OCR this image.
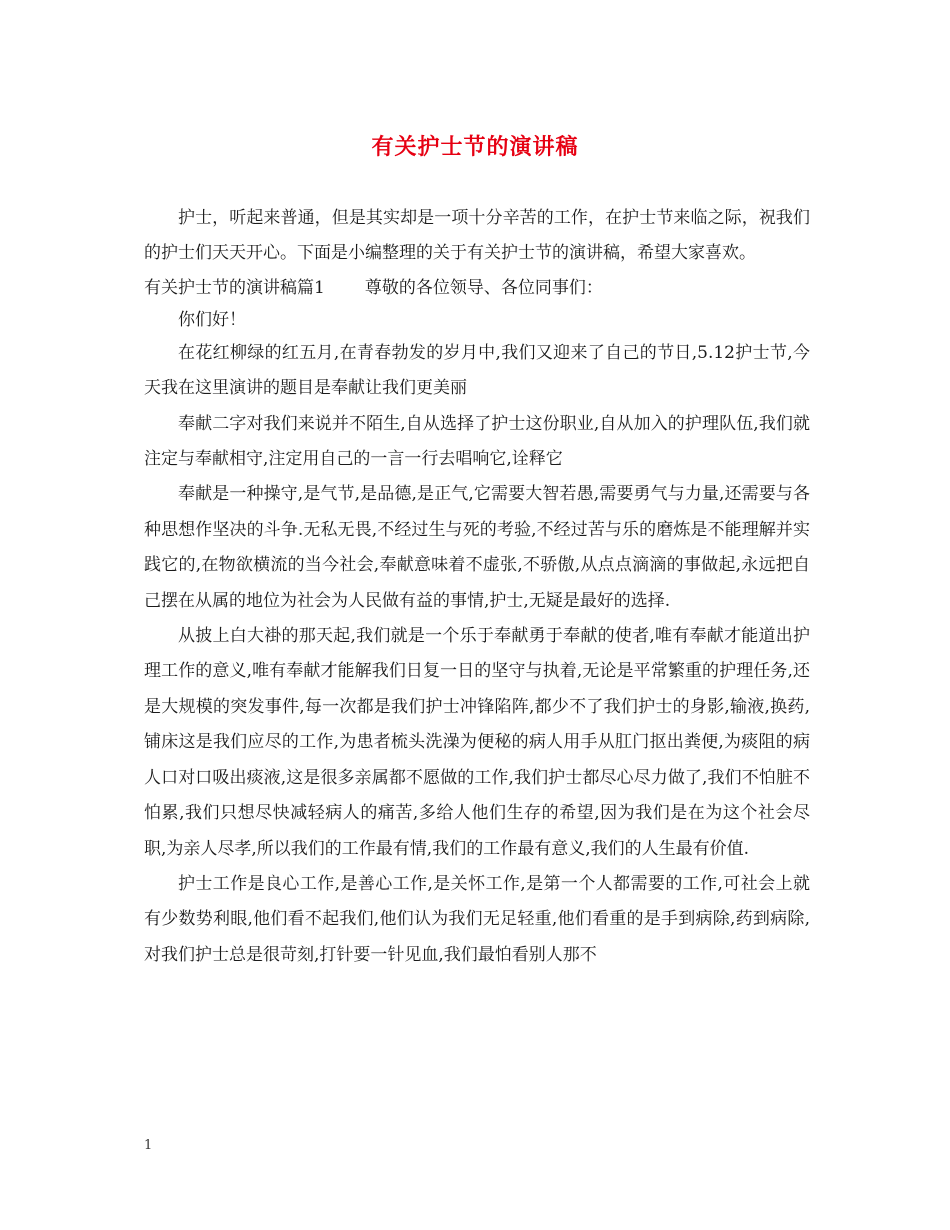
有关护士节的演讲稿

护士，听起来普通，但是其实却是一项十分辛苦的工作，在护士节来临之际，祝我们的护士们天天开心。下面是小编整理的关于有关护士节的演讲稿，希望大家喜欢。

有关护士节的演讲稿篇1 尊敬的各位领导、各位同事们：

你们好！

在花红柳绿的红五月,在青春勃发的岁月中,我们又迎来了自己的节日,5.12护士节,今天我在这里演讲的题目是奉献让我们更美丽

奉献二字对我们来说并不陌生,自从选择了护士这份职业,自从加入的护理队伍,我们就注定与奉献相守,注定用自己的一言一行去唱响它,诠释它

奉献是一种操守,是气节,是品德,是正气,它需要大智若愚,需要勇气与力量,还需要与各种思想作坚决的斗争.无私无畏,不经过生与死的考验,不经过苦与乐的磨炼是不能理解并实践它的,在物欲横流的当今社会,奉献意味着不虚张,不骄傲,从点点滴滴的事做起,永远把自己摆在从属的地位为社会为人民做有益的事情,护士,无疑是最好的选择.

从披上白大褂的那天起,我们就是一个乐于奉献勇于奉献的使者,唯有奉献才能道出护理工作的意义,唯有奉献才能解我们日复一日的坚守与执着,无论是平常繁重的护理任务,还是大规模的突发事件,每一次都是我们护士冲锋陷阵,都少不了我们护士的身影,输液,换药,铺床这是我们应尽的工作,为患者梳头洗澡为便秘的病人用手从肛门抠出粪便,为痰阻的病人口对口吸出痰液,这是很多亲属都不愿做的工作,我们护士都尽心尽力做了,我们不怕脏不怕累,我们只想尽快减轻病人的痛苦,多给人他们生存的希望,因为我们是在为这个社会尽职,为亲人尽孝,所以我们的工作最有情,我们的工作最有意义,我们的人生最有价值.

护士工作是良心工作,是善心工作,是关怀工作,是第一个人都需要的工作,可社会上就有少数势利眼,他们看不起我们,他们认为我们无足轻重,他们看重的是手到病除,药到病除,对我们护士总是很苛刻,打针要一针见血,我们最怕看别人那不

1
